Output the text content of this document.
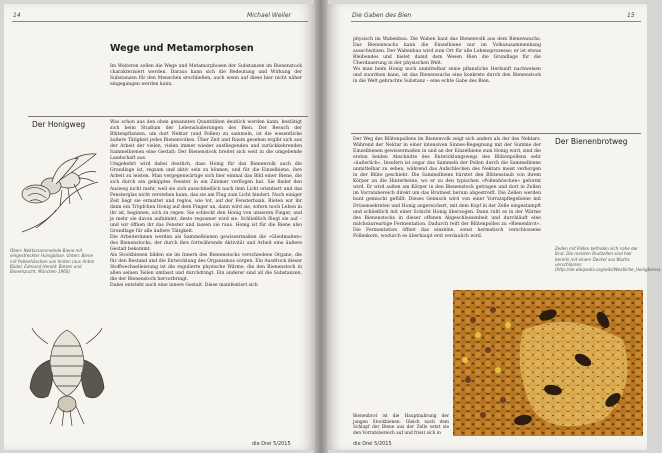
14	Michael Weiler
Wege und Metamorphosen

Im Weiteren sollen die Wege und Metamorphosen der Substanzen im Bienenstock charakterisiert werden. Daraus kann sich die Bedeutung und Wirkung der Substanzen für den Menschen erschließen, auch wenn auf diese hier nicht näher eingegangen werden kann.

Der Honigweg	Was schon aus den oben genannten Quantitäten deutlich werden kann, bestätigt sich beim Studium der Lebensäußerungen des Bien. Der Besuch der Blütenpflanzen, um dort Nektar (und Pollen) zu sammeln, ist die wesentliche äußere Tätigkeit jedes Bienenvolkes. Über Zeit und Raum gesehen ergibt sich aus der Arbeit der vielen, vielen immer wieder ausfliegenden und zurückkehrenden Sammelbienen eine Gestalt: Der Bienenstock breitet sich weit in die umgebende Landschaft aus.

Umgekehrt wird dabei deutlich, dass Honig für das Bienenvolk auch die Grundlage ist, regsam und aktiv sein zu können, und für die Einzelbiene, ihre Arbeit zu leisten. Man vergegenwärtige sich hier einmal das Bild einer Biene, die sich durch ein gekipptes Fenster in ein Zimmer verflogen hat. Sie findet den Ausweg nicht mehr, weil sie sich ausschließlich nach dem Licht orientiert und das Fensterglas nicht verstehen kann, das sie am Flug zum Licht hindert. Nach einiger Zeit liegt sie ermattet und reglos, wie tot, auf der Fensterbank. Bieten wir ihr dann ein Tröpfchen Honig auf dem Finger an, dann wird sie, sofern noch Leben in ihr ist, beginnen, sich zu regen. Sie schleckt den Honig von unserem Finger, und je mehr sie davon aufnimmt, desto regsamer wird sie. Schließlich fliegt sie auf – und wir öffnen ihr das Fenster und lassen sie raus. Honig ist für die Biene also Grundlage für alle äußere Tätigkeit.

Die Arbeiterinnen werden als Sammelbienen gewissermaßen die »Gliedmaßen« des Bienenstocks, der durch ihre fortwährende Aktivität und Arbeit eine äußere Gestalt bekommt.

Als Stockbienen bilden sie im Innern des Bienenstocks verschiedene Organe, die für den Bestand und die Entwicklung des Organismus sorgen. Ein Ausdruck dieser Stoffwechselleistung ist die regulierte physische Wärme, die den Bienenstock in allen seinen Teilen umfasst und durchdringt. Ein anderer sind all die Substanzen, die der Bienenstock hervorbringt.

Dabei entsteht auch eine innere Gestalt. Diese manifestiert sich

Oben: Nektarsammelnde Biene mit eingestreckter Honigblase. Unten: Biene mit Pollenhöschen von hinten (aus Anton Büdel, Edmund Herold: Biesen und Bienenzucht, München 1960)
die Drei 5/2015
Die Gaben des Bien	15

physisch im Wabenbau. Die Waben baut das Bienenvolk aus dem Bienenwachs. Das Bienenwachs kann die Einzelbiene nur im Volkszusammenhang ausschwitzen. Der Wabenbau wird zum Ort für alle Lebensprozesse; er ist etwas Bleibendes und bietet damit dem Wesen Bien die Grundlage für die Überdauerung in der physischen Welt.

Wo man beim Honig noch unmittelbar seine pflanzliche Herkunft nachweisen und zuordnen kann, ist das Bienenwachs eine konkrete durch den Bienenstock in die Welt gebrachte Substanz – eine echte Gabe des Bien.

Der Bienenbrotweg

Der Weg des Blütenpollens im Bienenvolk zeigt sich anders als der des Nektars. Während der Nektar in einer intensiven Sinnes-Begegnung mit der Summe der Einzelbienen gewissermaßen in und an der Einzelbiene zum Honig wird, sind die ersten beiden Abschnitte des Entwicklungswegs des Blütenpollens sehr »äußerlich«. Insofern ist sogar das Sammeln der Pollen durch die Sammelbiene unmittelbar zu sehen, während das Aufschlecken des Nektars meist verborgen in der Blüte geschieht. Die Sammelbiene bürstet den Blütenstaub von ihrem Körper an die Hinterbeine, wo er zu den typischen »Pollenhöschen« geformt wird. Er wird außen am Körper in den Bienenstock getragen und dort in Zellen im Vorratsbereich direkt um das Brutnest herum abgestreift. Die Zellen werden bunt gemischt gefüllt. Dieses Gemisch wird von einer Vorratspflegebiene mit Drüsensekreten und Honig angereichert, mit dem Kopf in der Zelle eingestampft und schließlich mit einer Schicht Honig überzogen. Dann ruht es in der Wärme des Bienenstocks in dieser offenen Abgeschlossenheit und durchläuft eine milchsäureartige Fermentation. Dadurch reift der Blütenpollen zu »Bienenbrot«. Die Fermentation öffnet das einzelne, sonst hermetisch verschlossene Pollenkorn, wodurch es überhaupt erst verdaulich wird.

Zellen mit Pollen befinden sich nahe der Brut. Die meisten Brutzellen sind hier bereits mit einem Deckel aus Wachs verschlossen (http://de.wikipedia.org/wiki/Westliche_Honigbiene).

Bienenbrot ist die Hauptnahrung der jungen Stockbienen. Gleich nach dem Schlupf der Biene aus der Zelle setzt sie den Vorratsbereich auf und frisst sich in

die Drei 5/2015
